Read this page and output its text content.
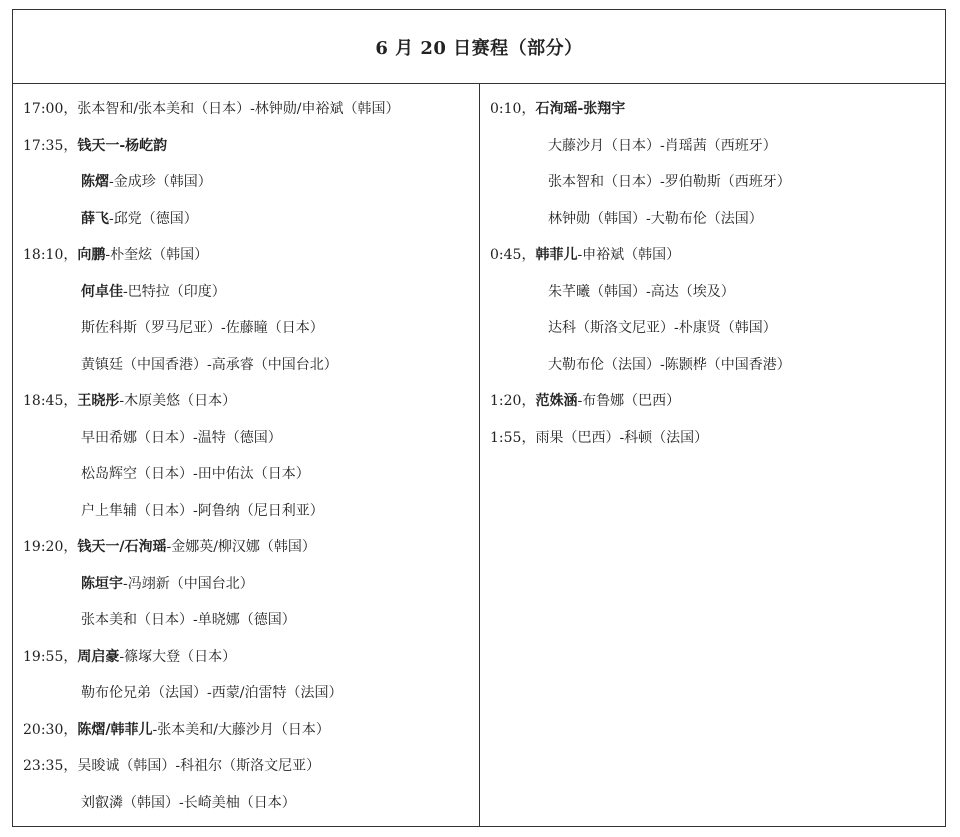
6 月 20 日赛程（部分）
17:00，张本智和/张本美和（日本）-林钟勋/申裕斌（韩国）
17:35，钱天一-杨屹韵
陈熠-金成珍（韩国）
薛飞-邱党（德国）
18:10，向鹏-朴奎炫（韩国）
何卓佳-巴特拉（印度）
斯佐科斯（罗马尼亚）-佐藤瞳（日本）
黄镇廷（中国香港）-高承睿（中国台北）
18:45，王晓彤-木原美悠（日本）
早田希娜（日本）-温特（德国）
松岛辉空（日本）-田中佑汰（日本）
户上隼辅（日本）-阿鲁纳（尼日利亚）
19:20，钱天一/石洵瑶-金娜英/柳汉娜（韩国）
陈垣宇-冯翊新（中国台北）
张本美和（日本）-单晓娜（德国）
19:55，周启豪-篠塚大登（日本）
勒布伦兄弟（法国）-西蒙/泊雷特（法国）
20:30，陈熠/韩菲儿-张本美和/大藤沙月（日本）
23:35，吴晙诚（韩国）-科祖尔（斯洛文尼亚）
刘叡潾（韩国）-长崎美柚（日本）
0:10，石洵瑶-张翔宇
大藤沙月（日本）-肖瑶茜（西班牙）
张本智和（日本）-罗伯勒斯（西班牙）
林钟勋（韩国）-大勒布伦（法国）
0:45，韩菲儿-申裕斌（韩国）
朱芊曦（韩国）-高达（埃及）
达科（斯洛文尼亚）-朴康贤（韩国）
大勒布伦（法国）-陈颢桦（中国香港）
1:20，范姝涵-布鲁娜（巴西）
1:55，雨果（巴西）-科顿（法国）
